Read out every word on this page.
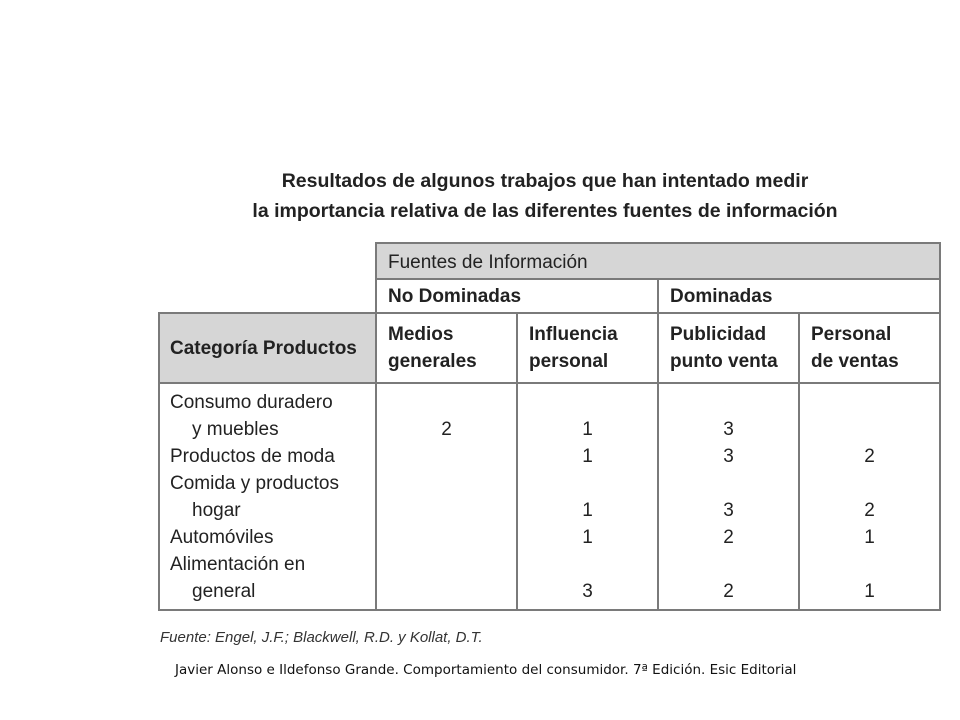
Resultados de algunos trabajos que han intentado medir
la importancia relativa de las diferentes fuentes de información
Fuentes de Información
Categoría Productos
No Dominadas	Dominadas
Medios
generales
Influencia
personal
Publicidad
punto venta
Personal
de ventas
Consumo duradero
y muebles
Productos de moda
Comida y productos
hogar
Automóviles
Alimentación en
general

2
	1
1

1
1

3

3
3

3
2

2

2

2
1

1
Fuente: Engel, J.F.; Blackwell, R.D. y Kollat, D.T.
Javier Alonso e Ildefonso Grande. Comportamiento del consumidor. 7ª Edición. Esic Editorial
